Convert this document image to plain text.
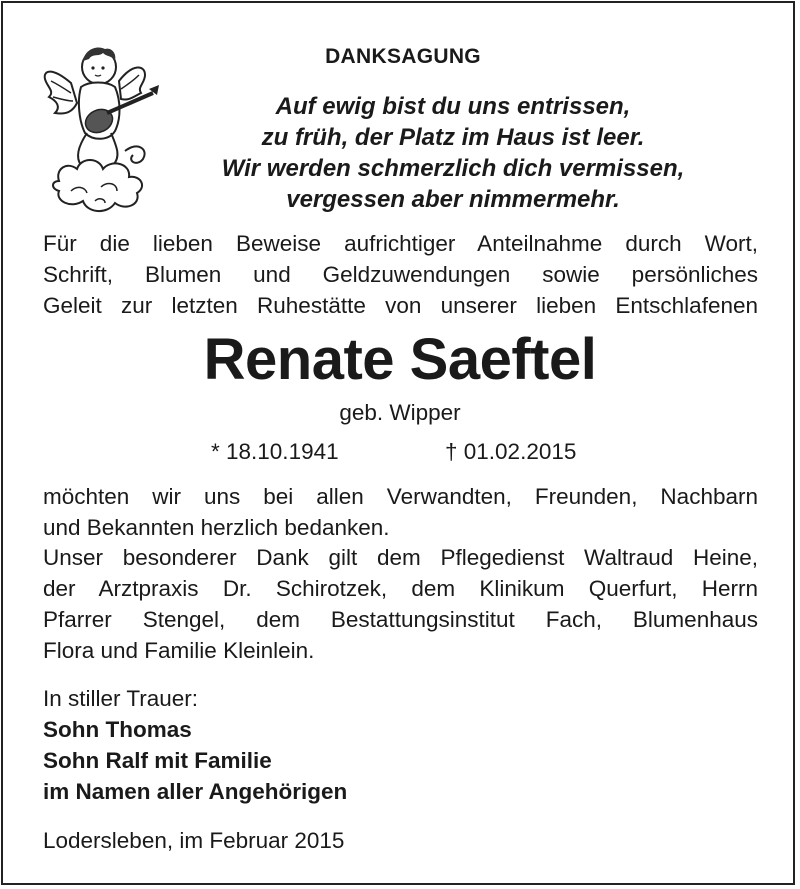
DANKSAGUNG
Auf ewig bist du uns entrissen,
zu früh, der Platz im Haus ist leer.
Wir werden schmerzlich dich vermissen,
vergessen aber nimmermehr.
Für die lieben Beweise aufrichtiger Anteilnahme durch Wort,
Schrift, Blumen und Geldzuwendungen sowie persönliches
Geleit zur letzten Ruhestätte von unserer lieben Entschlafenen
Renate Saeftel
geb. Wipper
* 18.10.1941	† 01.02.2015
möchten wir uns bei allen Verwandten, Freunden, Nachbarn
und Bekannten herzlich bedanken.
Unser besonderer Dank gilt dem Pflegedienst Waltraud Heine,
der Arztpraxis Dr. Schirotzek, dem Klinikum Querfurt, Herrn
Pfarrer Stengel, dem Bestattungsinstitut Fach, Blumenhaus
Flora und Familie Kleinlein.
In stiller Trauer:
Sohn Thomas
Sohn Ralf mit Familie
im Namen aller Angehörigen
Lodersleben, im Februar 2015
